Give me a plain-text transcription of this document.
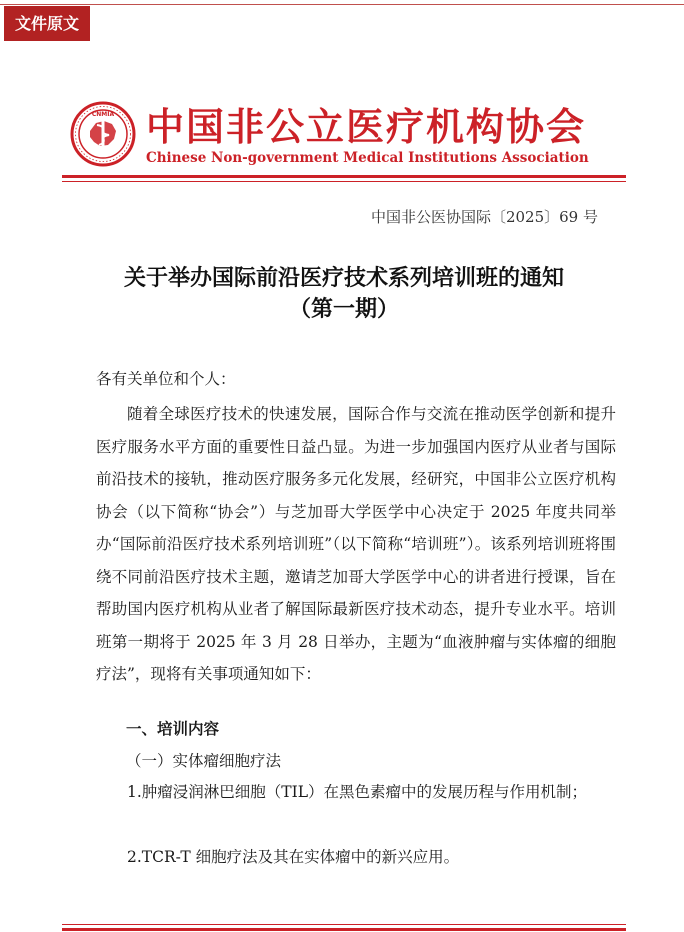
文件原文
CNMIA 中国非公立医疗机构协会
Chinese Non-government Medical Institutions Association
中国非公医协国际〔2025〕69 号
关于举办国际前沿医疗技术系列培训班的通知
（第一期）
各有关单位和个人：

随着全球医疗技术的快速发展，国际合作与交流在推动医学创新和提升医疗服务水平方面的重要性日益凸显。为进一步加强国内医疗从业者与国际前沿技术的接轨，推动医疗服务多元化发展，经研究，中国非公立医疗机构协会（以下简称“协会”）与芝加哥大学医学中心决定于 2025 年度共同举办“国际前沿医疗技术系列培训班”（以下简称“培训班”）。该系列培训班将围绕不同前沿医疗技术主题，邀请芝加哥大学医学中心的讲者进行授课，旨在帮助国内医疗机构从业者了解国际最新医疗技术动态，提升专业水平。培训班第一期将于 2025 年 3 月 28 日举办，主题为“血液肿瘤与实体瘤的细胞疗法”，现将有关事项通知如下：

一、培训内容
（一）实体瘤细胞疗法

1.肿瘤浸润淋巴细胞（TIL）在黑色素瘤中的发展历程与作用机制；

2.TCR-T 细胞疗法及其在实体瘤中的新兴应用。
